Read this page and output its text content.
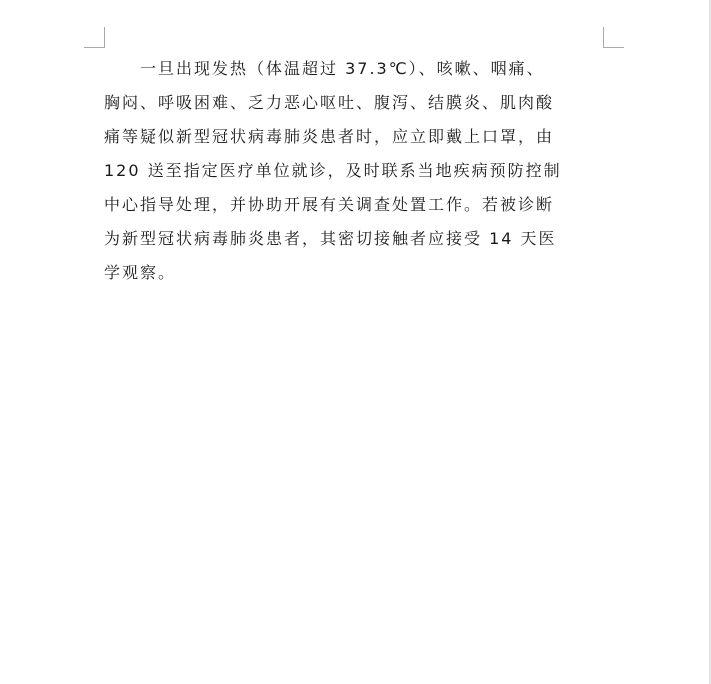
　　一旦出现发热（体温超过 37.3℃）、咳嗽、咽痛、
胸闷、呼吸困难、乏力恶心呕吐、腹泻、结膜炎、肌肉酸
痛等疑似新型冠状病毒肺炎患者时，应立即戴上口罩，由
120 送至指定医疗单位就诊，及时联系当地疾病预防控制
中心指导处理，并协助开展有关调查处置工作。若被诊断
为新型冠状病毒肺炎患者，其密切接触者应接受 14 天医
学观察。
